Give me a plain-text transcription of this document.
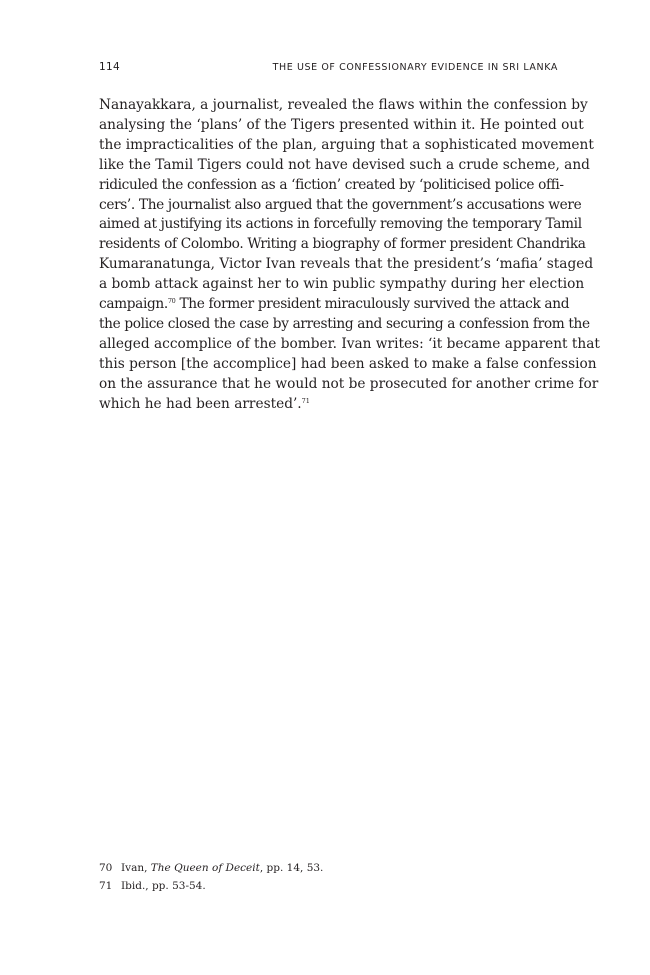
114	THE USE OF CONFESSIONARY EVIDENCE IN SRI LANKA
Nanayakkara, a journalist, revealed the flaws within the confession by
analysing the ‘plans’ of the Tigers presented within it. He pointed out
the impracticalities of the plan, arguing that a sophisticated movement
like the Tamil Tigers could not have devised such a crude scheme, and
ridiculed the confession as a ‘fiction’ created by ‘politicised police offi-
cers’. The journalist also argued that the government’s accusations were
aimed at justifying its actions in forcefully removing the temporary Tamil
residents of Colombo. Writing a biography of former president Chandrika
Kumaranatunga, Victor Ivan reveals that the president’s ‘mafia’ staged
a bomb attack against her to win public sympathy during her election
campaign.$^{70}$ The former president miraculously survived the attack and
the police closed the case by arresting and securing a confession from the
alleged accomplice of the bomber. Ivan writes: ‘it became apparent that
this person [the accomplice] had been asked to make a false confession
on the assurance that he would not be prosecuted for another crime for
which he had been arrested’.$^{71}$
70 Ivan, The Queen of Deceit, pp. 14, 53.
71 Ibid., pp. 53-54.
